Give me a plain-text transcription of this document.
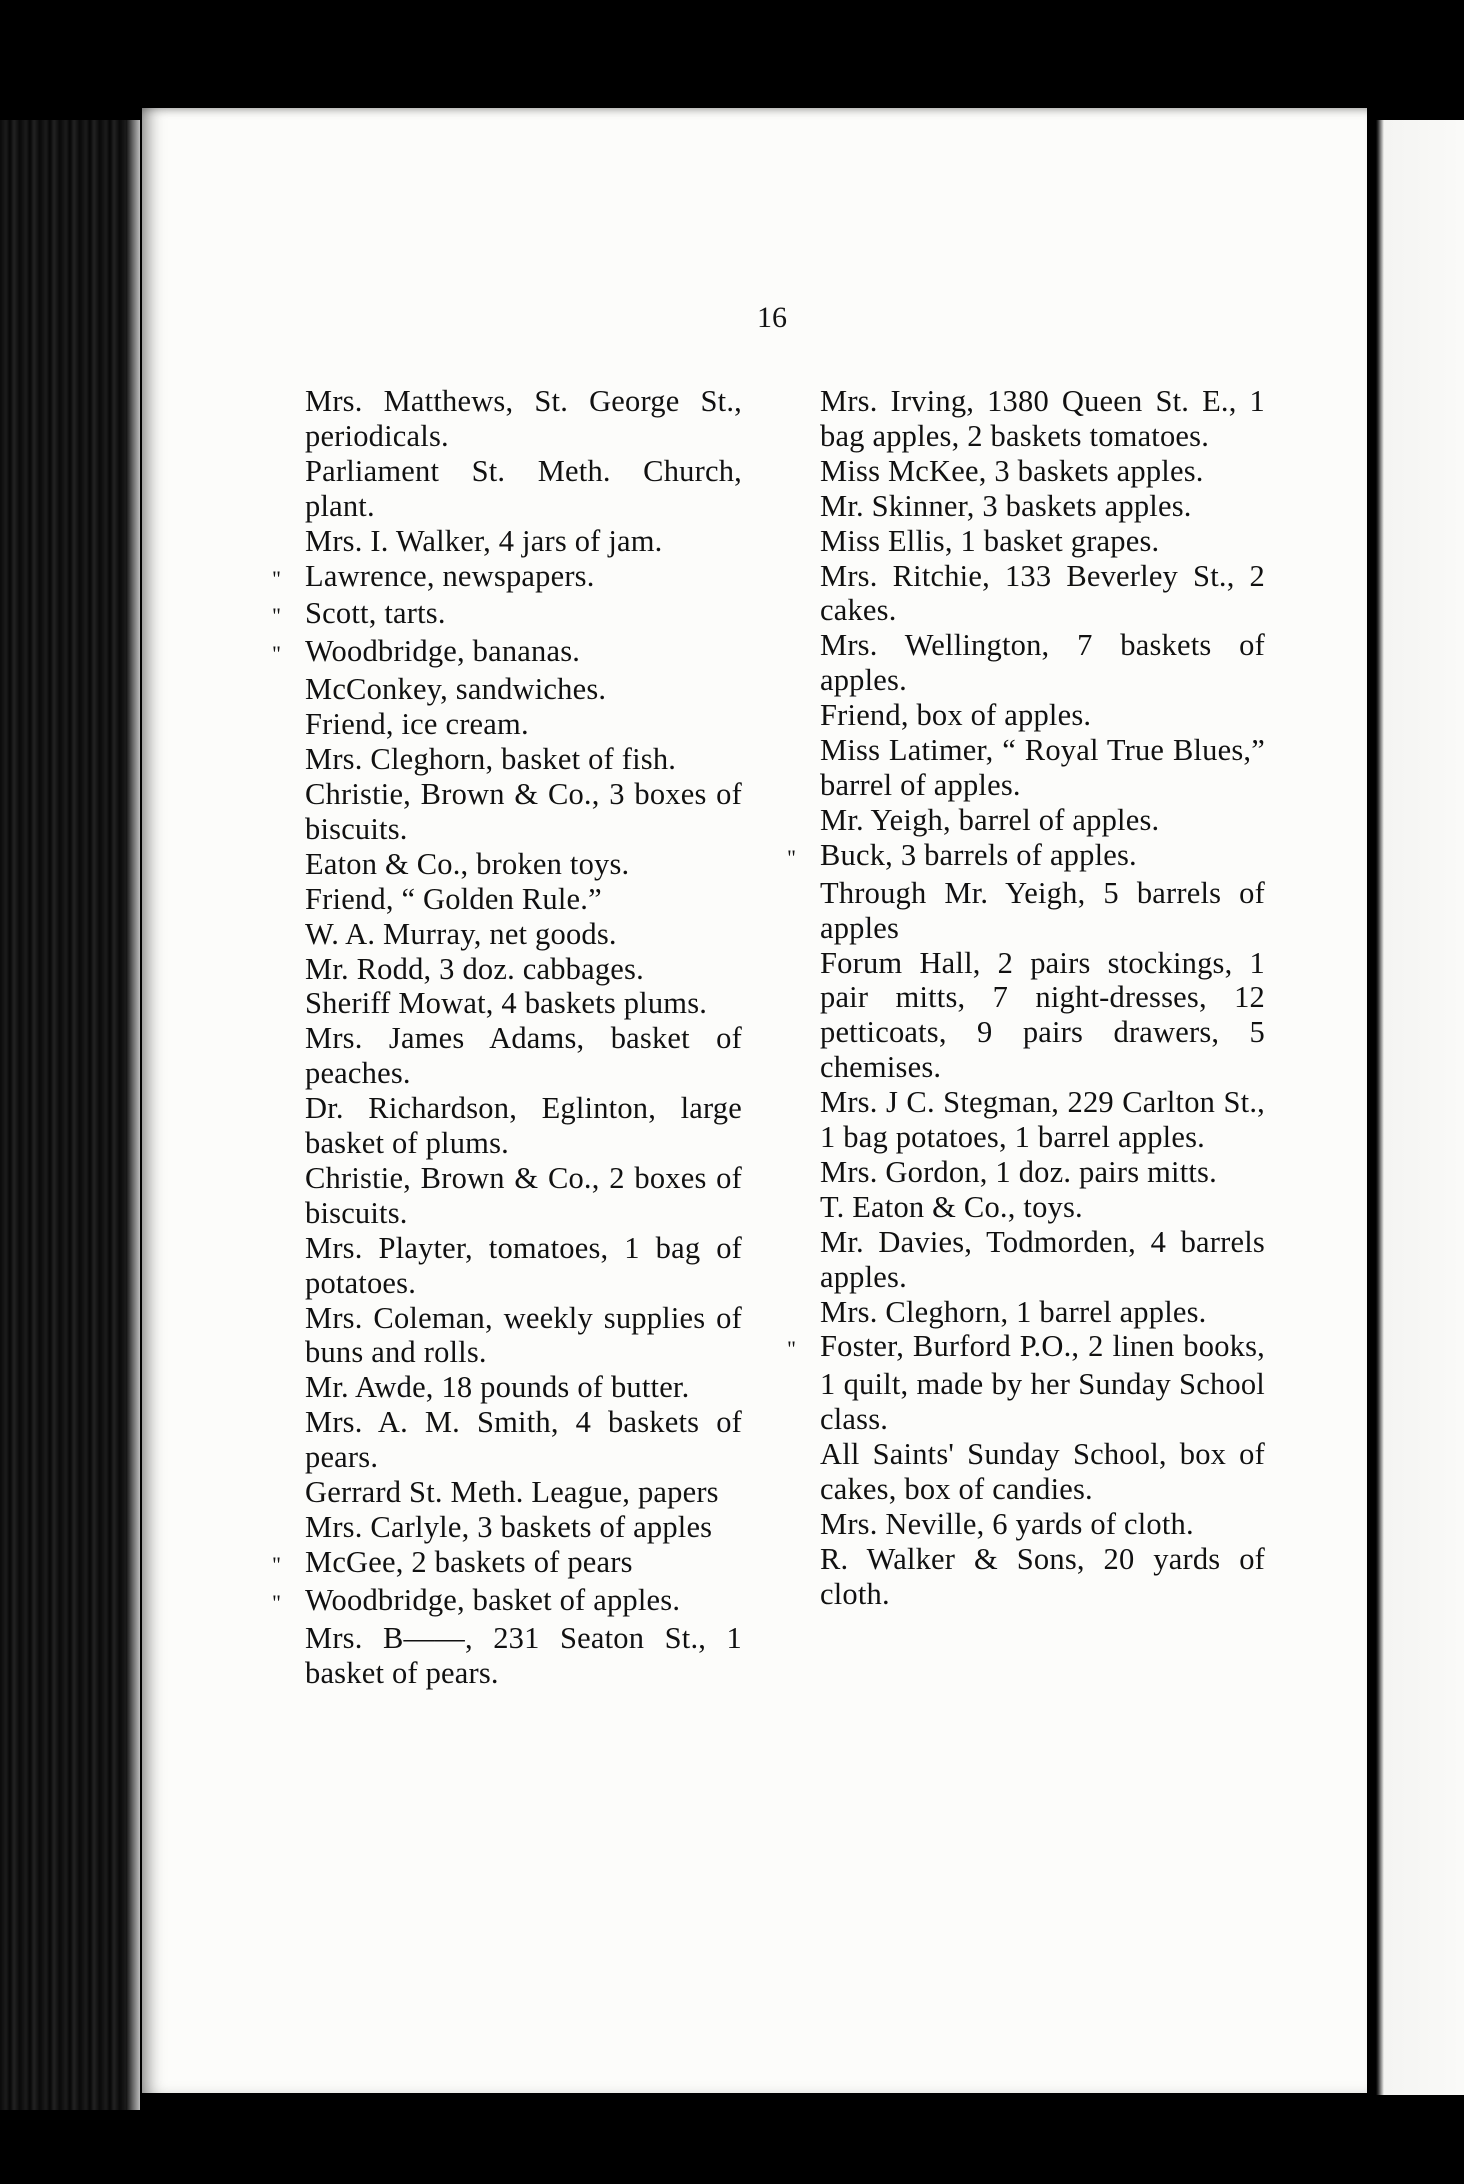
16

Mrs. Matthews, St. George St., periodicals.

Parliament St. Meth. Church, plant.

Mrs. I. Walker, 4 jars of jam.

" Lawrence, newspapers.

" Scott, tarts.

" Woodbridge, bananas.

McConkey, sandwiches.

Friend, ice cream.

Mrs. Cleghorn, basket of fish.

Christie, Brown & Co., 3 boxes of biscuits.

Eaton & Co., broken toys.

Friend, “ Golden Rule.”

W. A. Murray, net goods.

Mr. Rodd, 3 doz. cabbages.

Sheriff Mowat, 4 baskets plums.

Mrs. James Adams, basket of peaches.

Dr. Richardson, Eglinton, large basket of plums.

Christie, Brown & Co., 2 boxes of biscuits.

Mrs. Playter, tomatoes, 1 bag of potatoes.

Mrs. Coleman, weekly supplies of buns and rolls.

Mr. Awde, 18 pounds of butter.

Mrs. A. M. Smith, 4 baskets of pears.

Gerrard St. Meth. League, papers

Mrs. Carlyle, 3 baskets of apples

" McGee, 2 baskets of pears

" Woodbridge, basket of apples.

Mrs. B——, 231 Seaton St., 1 basket of pears.

Mrs. Irving, 1380 Queen St. E., 1 bag apples, 2 baskets tomatoes.

Miss McKee, 3 baskets apples.

Mr. Skinner, 3 baskets apples.

Miss Ellis, 1 basket grapes.

Mrs. Ritchie, 133 Beverley St., 2 cakes.

Mrs. Wellington, 7 baskets of apples.

Friend, box of apples.

Miss Latimer, “ Royal True Blues,” barrel of apples.

Mr. Yeigh, barrel of apples.

" Buck, 3 barrels of apples.

Through Mr. Yeigh, 5 barrels of apples

Forum Hall, 2 pairs stockings, 1 pair mitts, 7 night-dresses, 12 petticoats, 9 pairs drawers, 5 chemises.

Mrs. J C. Stegman, 229 Carlton St., 1 bag potatoes, 1 barrel apples.

Mrs. Gordon, 1 doz. pairs mitts.

T. Eaton & Co., toys.

Mr. Davies, Todmorden, 4 barrels apples.

Mrs. Cleghorn, 1 barrel apples.

" Foster, Burford P.O., 2 linen books, 1 quilt, made by her Sunday School class.

All Saints' Sunday School, box of cakes, box of candies.

Mrs. Neville, 6 yards of cloth.

R. Walker & Sons, 20 yards of cloth.
